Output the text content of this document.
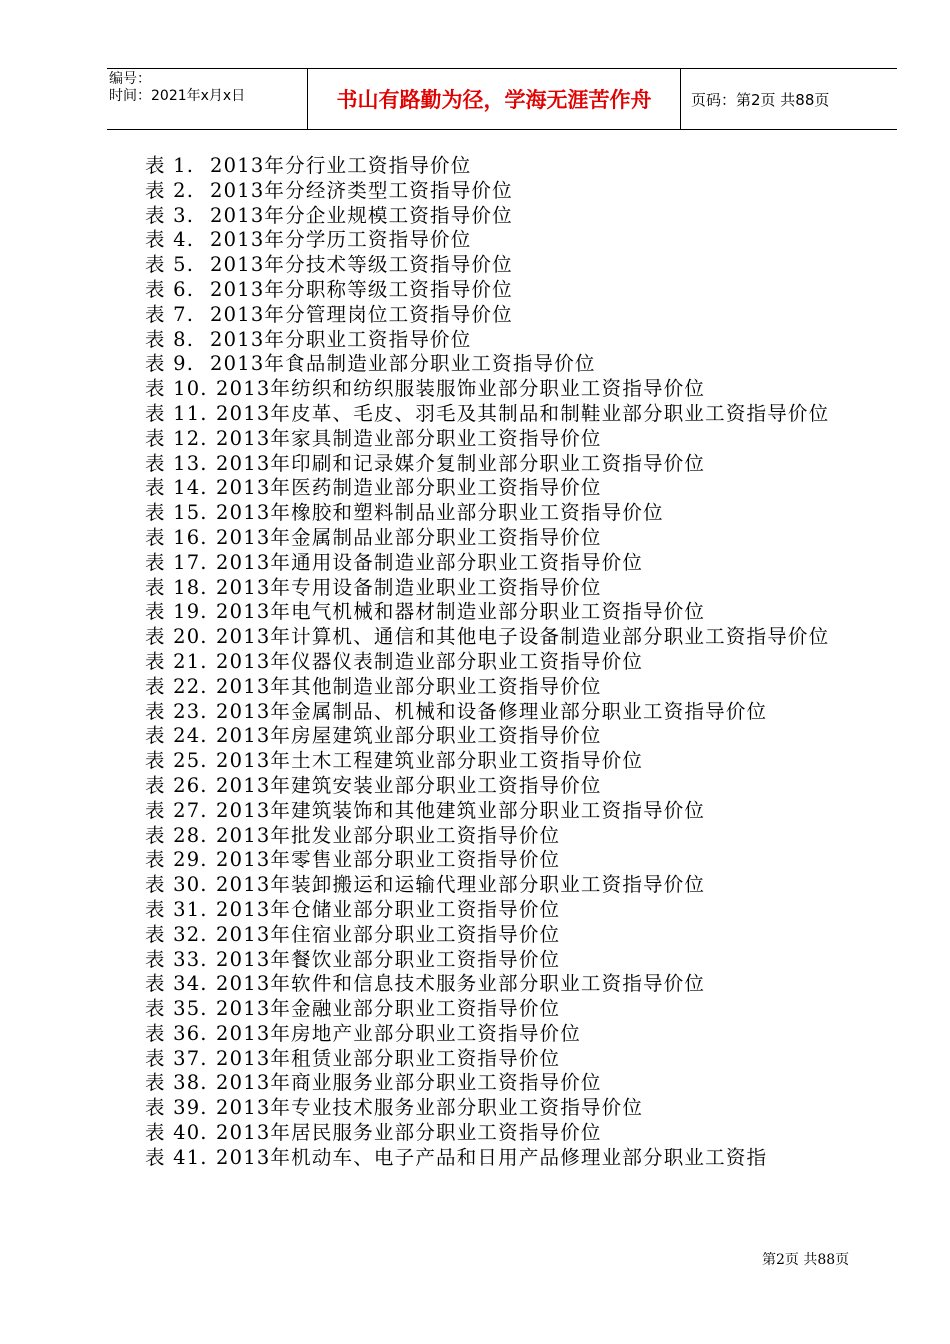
编号：
时间：2021年x月x日	书山有路勤为径，学海无涯苦作舟	页码：第2页 共88页
表 1. 2013年分行业工资指导价位
表 2. 2013年分经济类型工资指导价位
表 3. 2013年分企业规模工资指导价位
表 4. 2013年分学历工资指导价位
表 5. 2013年分技术等级工资指导价位
表 6. 2013年分职称等级工资指导价位
表 7. 2013年分管理岗位工资指导价位
表 8. 2013年分职业工资指导价位
表 9. 2013年食品制造业部分职业工资指导价位
表 10. 2013年纺织和纺织服装服饰业部分职业工资指导价位
表 11. 2013年皮革、毛皮、羽毛及其制品和制鞋业部分职业工资指导价位
表 12. 2013年家具制造业部分职业工资指导价位
表 13. 2013年印刷和记录媒介复制业部分职业工资指导价位
表 14. 2013年医药制造业部分职业工资指导价位
表 15. 2013年橡胶和塑料制品业部分职业工资指导价位
表 16. 2013年金属制品业部分职业工资指导价位
表 17. 2013年通用设备制造业部分职业工资指导价位
表 18. 2013年专用设备制造业职业工资指导价位
表 19. 2013年电气机械和器材制造业部分职业工资指导价位
表 20. 2013年计算机、通信和其他电子设备制造业部分职业工资指导价位
表 21. 2013年仪器仪表制造业部分职业工资指导价位
表 22. 2013年其他制造业部分职业工资指导价位
表 23. 2013年金属制品、机械和设备修理业部分职业工资指导价位
表 24. 2013年房屋建筑业部分职业工资指导价位
表 25. 2013年土木工程建筑业部分职业工资指导价位
表 26. 2013年建筑安装业部分职业工资指导价位
表 27. 2013年建筑装饰和其他建筑业部分职业工资指导价位
表 28. 2013年批发业部分职业工资指导价位
表 29. 2013年零售业部分职业工资指导价位
表 30. 2013年装卸搬运和运输代理业部分职业工资指导价位
表 31. 2013年仓储业部分职业工资指导价位
表 32. 2013年住宿业部分职业工资指导价位
表 33. 2013年餐饮业部分职业工资指导价位
表 34. 2013年软件和信息技术服务业部分职业工资指导价位
表 35. 2013年金融业部分职业工资指导价位
表 36. 2013年房地产业部分职业工资指导价位
表 37. 2013年租赁业部分职业工资指导价位
表 38. 2013年商业服务业部分职业工资指导价位
表 39. 2013年专业技术服务业部分职业工资指导价位
表 40. 2013年居民服务业部分职业工资指导价位
表 41. 2013年机动车、电子产品和日用产品修理业部分职业工资指
第2页 共88页
